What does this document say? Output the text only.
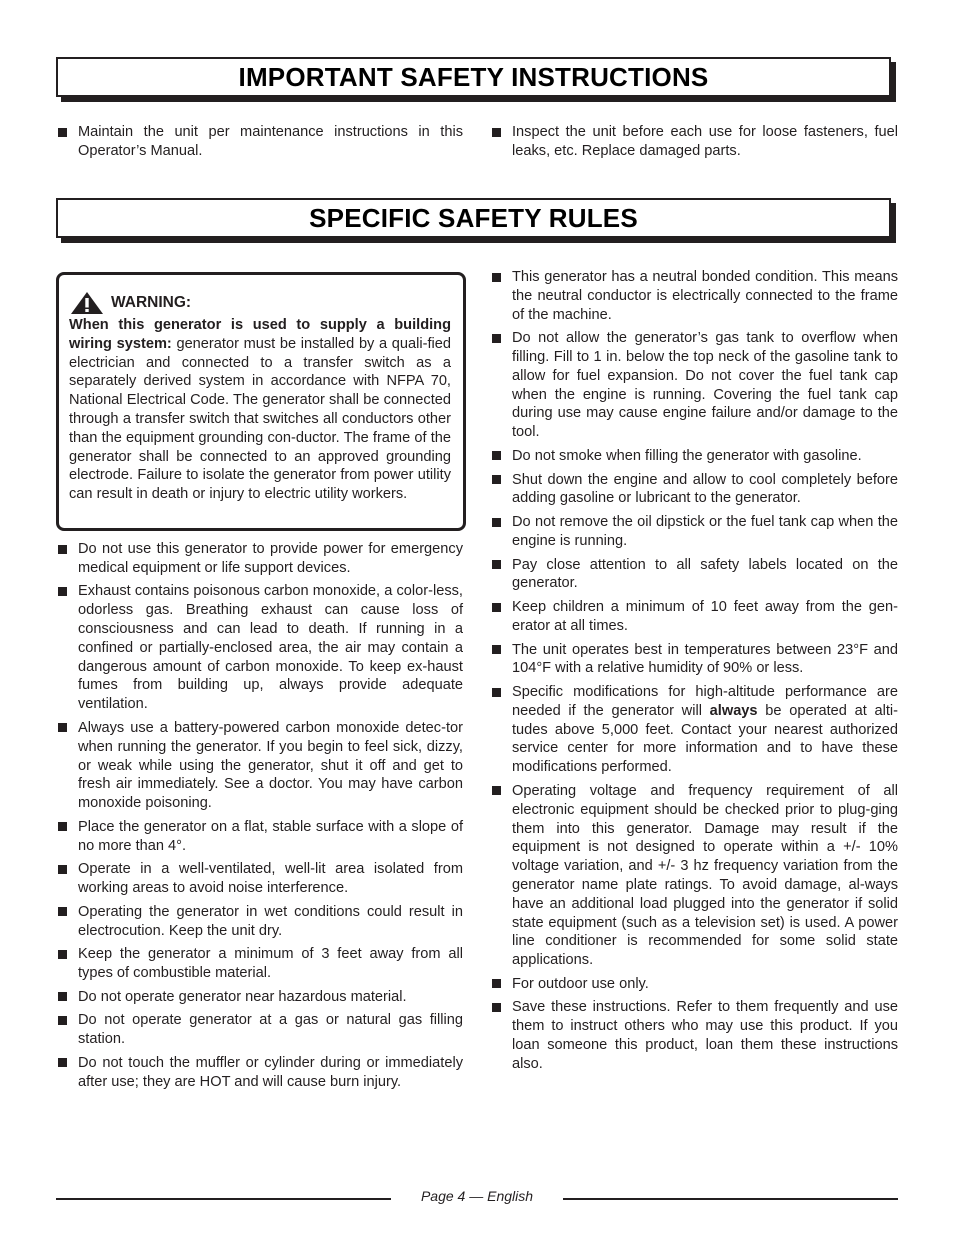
IMPORTANT SAFETY INSTRUCTIONS
Maintain the unit per maintenance instructions in this Operator’s Manual.
Inspect the unit before each use for loose fasteners, fuel leaks, etc. Replace damaged parts.
SPECIFIC SAFETY RULES
WARNING:
When this generator is used to supply a building wiring system: generator must be installed by a quali-fied electrician and connected to a transfer switch as a separately derived system in accordance with NFPA 70, National Electrical Code. The generator shall be connected through a transfer switch that switches all conductors other than the equipment grounding con-ductor. The frame of the generator shall be connected to an approved grounding electrode. Failure to isolate the generator from power utility can result in death or injury to electric utility workers.
Do not use this generator to provide power for emergency medical equipment or life support devices.
Exhaust contains poisonous carbon monoxide, a color-less, odorless gas. Breathing exhaust can cause loss of consciousness and can lead to death. If running in a confined or partially-enclosed area, the air may contain a dangerous amount of carbon monoxide. To keep ex-haust fumes from building up, always provide adequate ventilation.
Always use a battery-powered carbon monoxide detec-tor when running the generator. If you begin to feel sick, dizzy, or weak while using the generator, shut it off and get to fresh air immediately. See a doctor. You may have carbon monoxide poisoning.
Place the generator on a flat, stable surface with a slope of no more than 4°.
Operate in a well-ventilated, well-lit area isolated from working areas to avoid noise interference.
Operating the generator in wet conditions could result in electrocution. Keep the unit dry.
Keep the generator a minimum of 3 feet away from all types of combustible material.
Do not operate generator near hazardous material.
Do not operate generator at a gas or natural gas filling station.
Do not touch the muffler or cylinder during or immediately after use; they are HOT and will cause burn injury.
This generator has a neutral bonded condition. This means the neutral conductor is electrically connected to the frame of the machine.
Do not allow the generator’s gas tank to overflow when filling. Fill to 1 in. below the top neck of the gasoline tank to allow for fuel expansion. Do not cover the fuel tank cap when the engine is running. Covering the fuel tank cap during use may cause engine failure and/or damage to the tool.
Do not smoke when filling the generator with gasoline.
Shut down the engine and allow to cool completely before adding gasoline or lubricant to the generator.
Do not remove the oil dipstick or the fuel tank cap when the engine is running.
Pay close attention to all safety labels located on the generator.
Keep children a minimum of 10 feet away from the gen-erator at all times.
The unit operates best in temperatures between 23°F and 104°F with a relative humidity of 90% or less.
Specific modifications for high-altitude performance are needed if the generator will always be operated at alti-tudes above 5,000 feet. Contact your nearest authorized service center for more information and to have these modifications performed.
Operating voltage and frequency requirement of all electronic equipment should be checked prior to plug-ging them into this generator. Damage may result if the equipment is not designed to operate within a +/- 10% voltage variation, and +/- 3 hz frequency variation from the generator name plate ratings. To avoid damage, al-ways have an additional load plugged into the generator if solid state equipment (such as a television set) is used. A power line conditioner is recommended for some solid state applications.
For outdoor use only.
Save these instructions. Refer to them frequently and use them to instruct others who may use this product. If you loan someone this product, loan them these instructions also.
Page 4 — English
